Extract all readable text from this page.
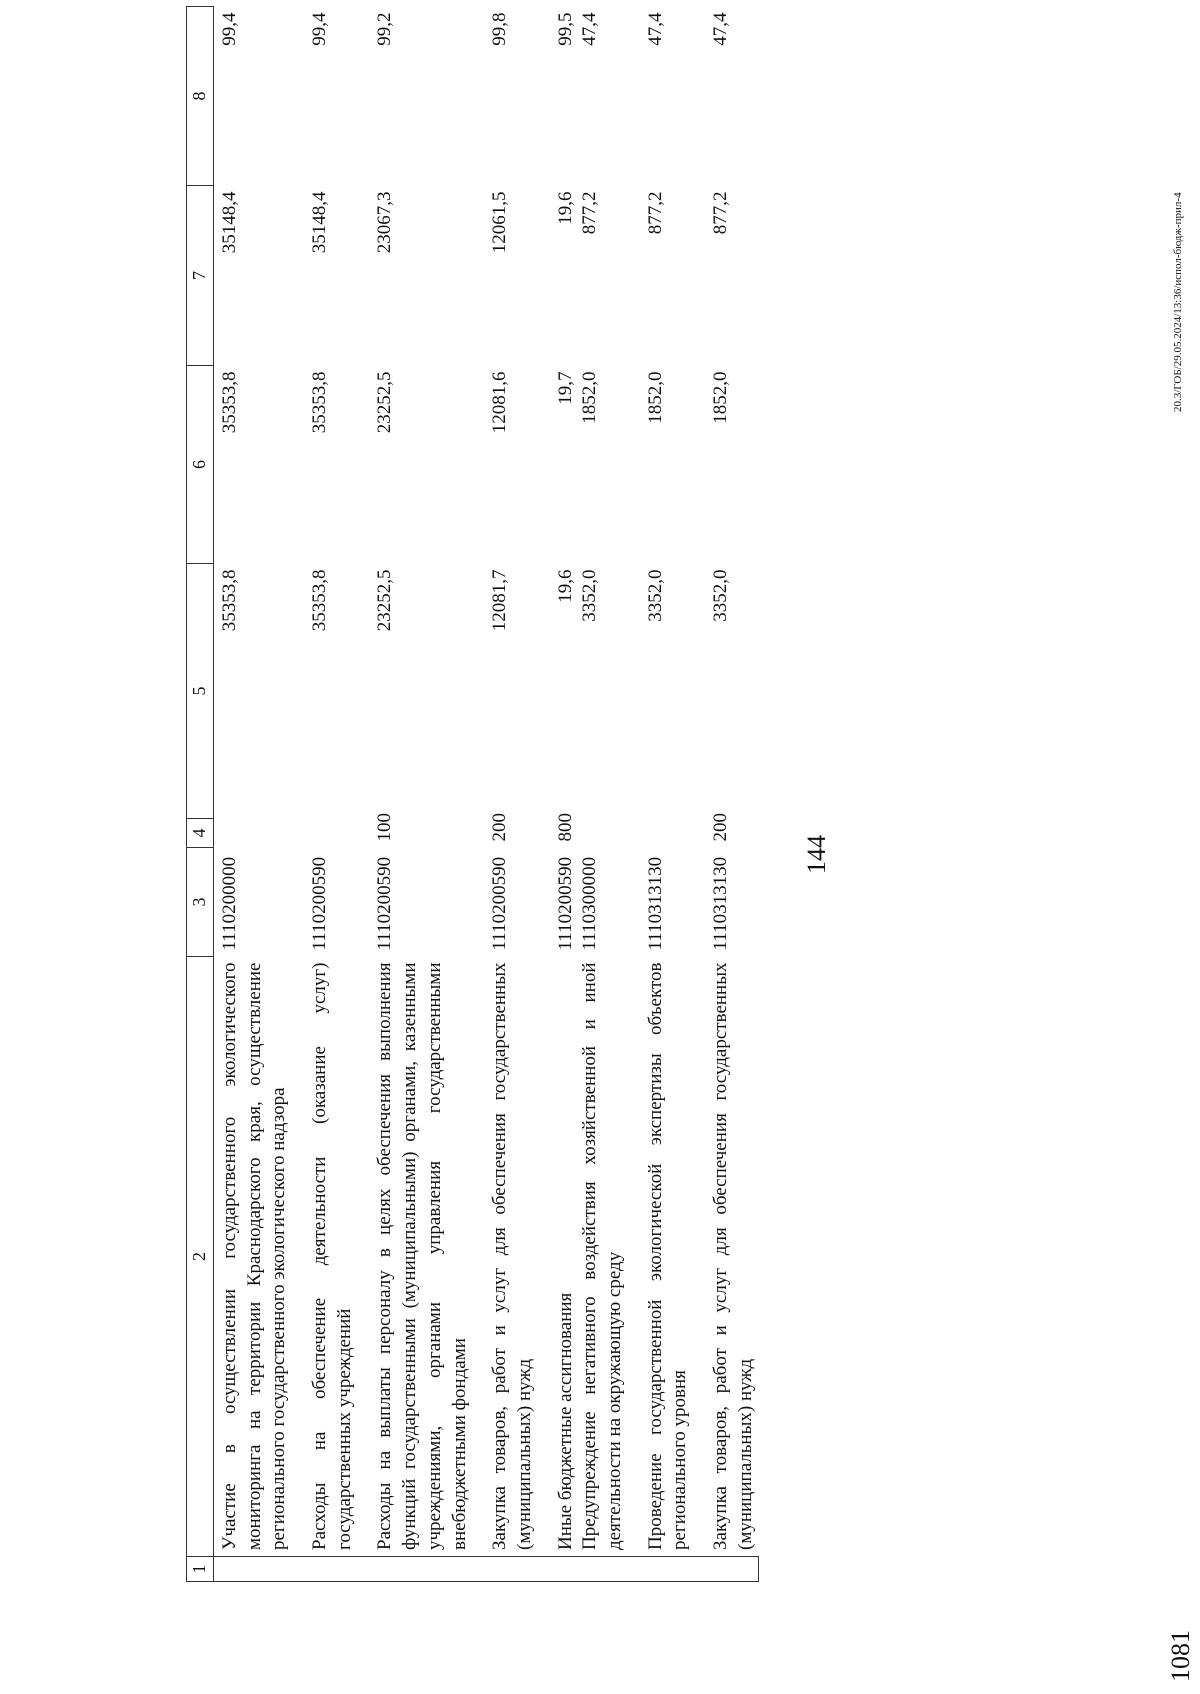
144
1	2	3	4	5	6	7	8
	Участие в осуществлении государственного экологического мониторинга на территории Краснодарского края, осуществление регионального государственного экологического надзора	1110200000		35353,8	35353,8	35148,4	99,4

	Расходы на обеспечение деятельности (оказание услуг) государственных учреждений	1110200590		35353,8	35353,8	35148,4	99,4

	Расходы на выплаты персоналу в целях обеспечения выполнения функций государственными (муниципальными) органами, казенными учреждениями, органами управления государственными внебюджетными фондами	1110200590	100	23252,5	23252,5	23067,3	99,2

	Закупка товаров, работ и услуг для обеспечения государственных (муниципальных) нужд	1110200590	200	12081,7	12081,6	12061,5	99,8

	Иные бюджетные ассигнования	1110200590	800	19,6	19,7	19,6	99,5
	Предупреждение негативного воздействия хозяйственной и иной деятельности на окружающую среду	1110300000		3352,0	1852,0	877,2	47,4

	Проведение государственной экологической экспертизы объектов регионального уровня	1110313130		3352,0	1852,0	877,2	47,4

	Закупка товаров, работ и услуг для обеспечения государственных (муниципальных) нужд	1110313130	200	3352,0	1852,0	877,2	47,4
20.3/ГОБ/29.05.2024/13:36/испол-бюдж-прил-4
1081
